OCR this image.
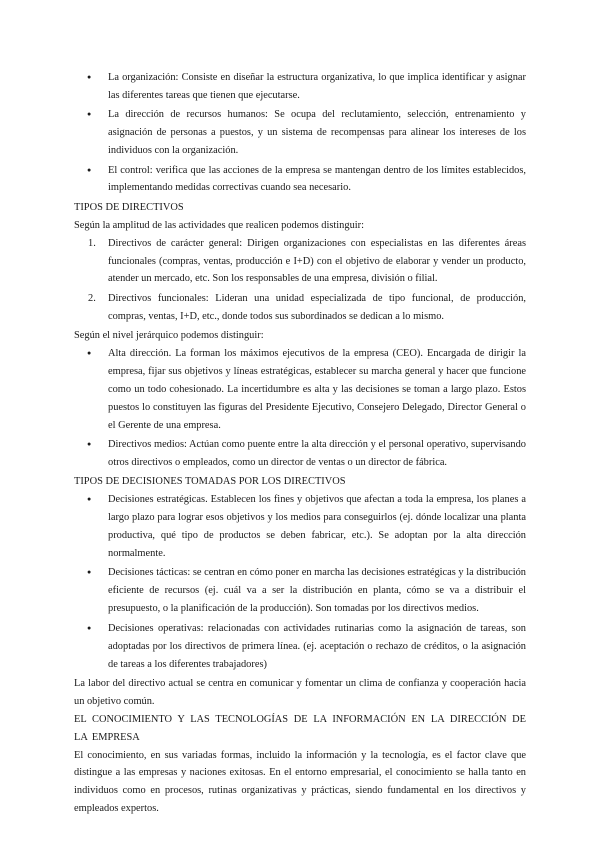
● La organización: Consiste en diseñar la estructura organizativa, lo que implica identificar y asignar las diferentes tareas que tienen que ejecutarse.
● La dirección de recursos humanos: Se ocupa del reclutamiento, selección, entrenamiento y asignación de personas a puestos, y un sistema de recompensas para alinear los intereses de los individuos con la organización.
● El control: verifica que las acciones de la empresa se mantengan dentro de los límites establecidos, implementando medidas correctivas cuando sea necesario.

TIPOS DE DIRECTIVOS

Según la amplitud de las actividades que realicen podemos distinguir:

1. Directivos de carácter general: Dirigen organizaciones con especialistas en las diferentes áreas funcionales (compras, ventas, producción e I+D) con el objetivo de elaborar y vender un producto, atender un mercado, etc. Son los responsables de una empresa, división o filial.
2. Directivos funcionales: Lideran una unidad especializada de tipo funcional, de producción, compras, ventas, I+D, etc., donde todos sus subordinados se dedican a lo mismo.

Según el nivel jerárquico podemos distinguir:

● Alta dirección. La forman los máximos ejecutivos de la empresa (CEO). Encargada de dirigir la empresa, fijar sus objetivos y líneas estratégicas, establecer su marcha general y hacer que funcione como un todo cohesionado. La incertidumbre es alta y las decisiones se toman a largo plazo. Estos puestos lo constituyen las figuras del Presidente Ejecutivo, Consejero Delegado, Director General o el Gerente de una empresa.
● Directivos medios: Actúan como puente entre la alta dirección y el personal operativo, supervisando otros directivos o empleados, como un director de ventas o un director de fábrica.

TIPOS DE DECISIONES TOMADAS POR LOS DIRECTIVOS

● Decisiones estratégicas. Establecen los fines y objetivos que afectan a toda la empresa, los planes a largo plazo para lograr esos objetivos y los medios para conseguirlos (ej. dónde localizar una planta productiva, qué tipo de productos se deben fabricar, etc.). Se adoptan por la alta dirección normalmente.
● Decisiones tácticas: se centran en cómo poner en marcha las decisiones estratégicas y la distribución eficiente de recursos (ej. cuál va a ser la distribución en planta, cómo se va a distribuir el presupuesto, o la planificación de la producción). Son tomadas por los directivos medios.
● Decisiones operativas: relacionadas con actividades rutinarias como la asignación de tareas, son adoptadas por los directivos de primera línea. (ej. aceptación o rechazo de créditos, o la asignación de tareas a los diferentes trabajadores)

La labor del directivo actual se centra en comunicar y fomentar un clima de confianza y cooperación hacia un objetivo común.

EL CONOCIMIENTO Y LAS TECNOLOGÍAS DE LA INFORMACIÓN EN LA DIRECCIÓN DE LA EMPRESA

El conocimiento, en sus variadas formas, incluido la información y la tecnología, es el factor clave que distingue a las empresas y naciones exitosas. En el entorno empresarial, el conocimiento se halla tanto en individuos como en procesos, rutinas organizativas y prácticas, siendo fundamental en los directivos y empleados expertos.
